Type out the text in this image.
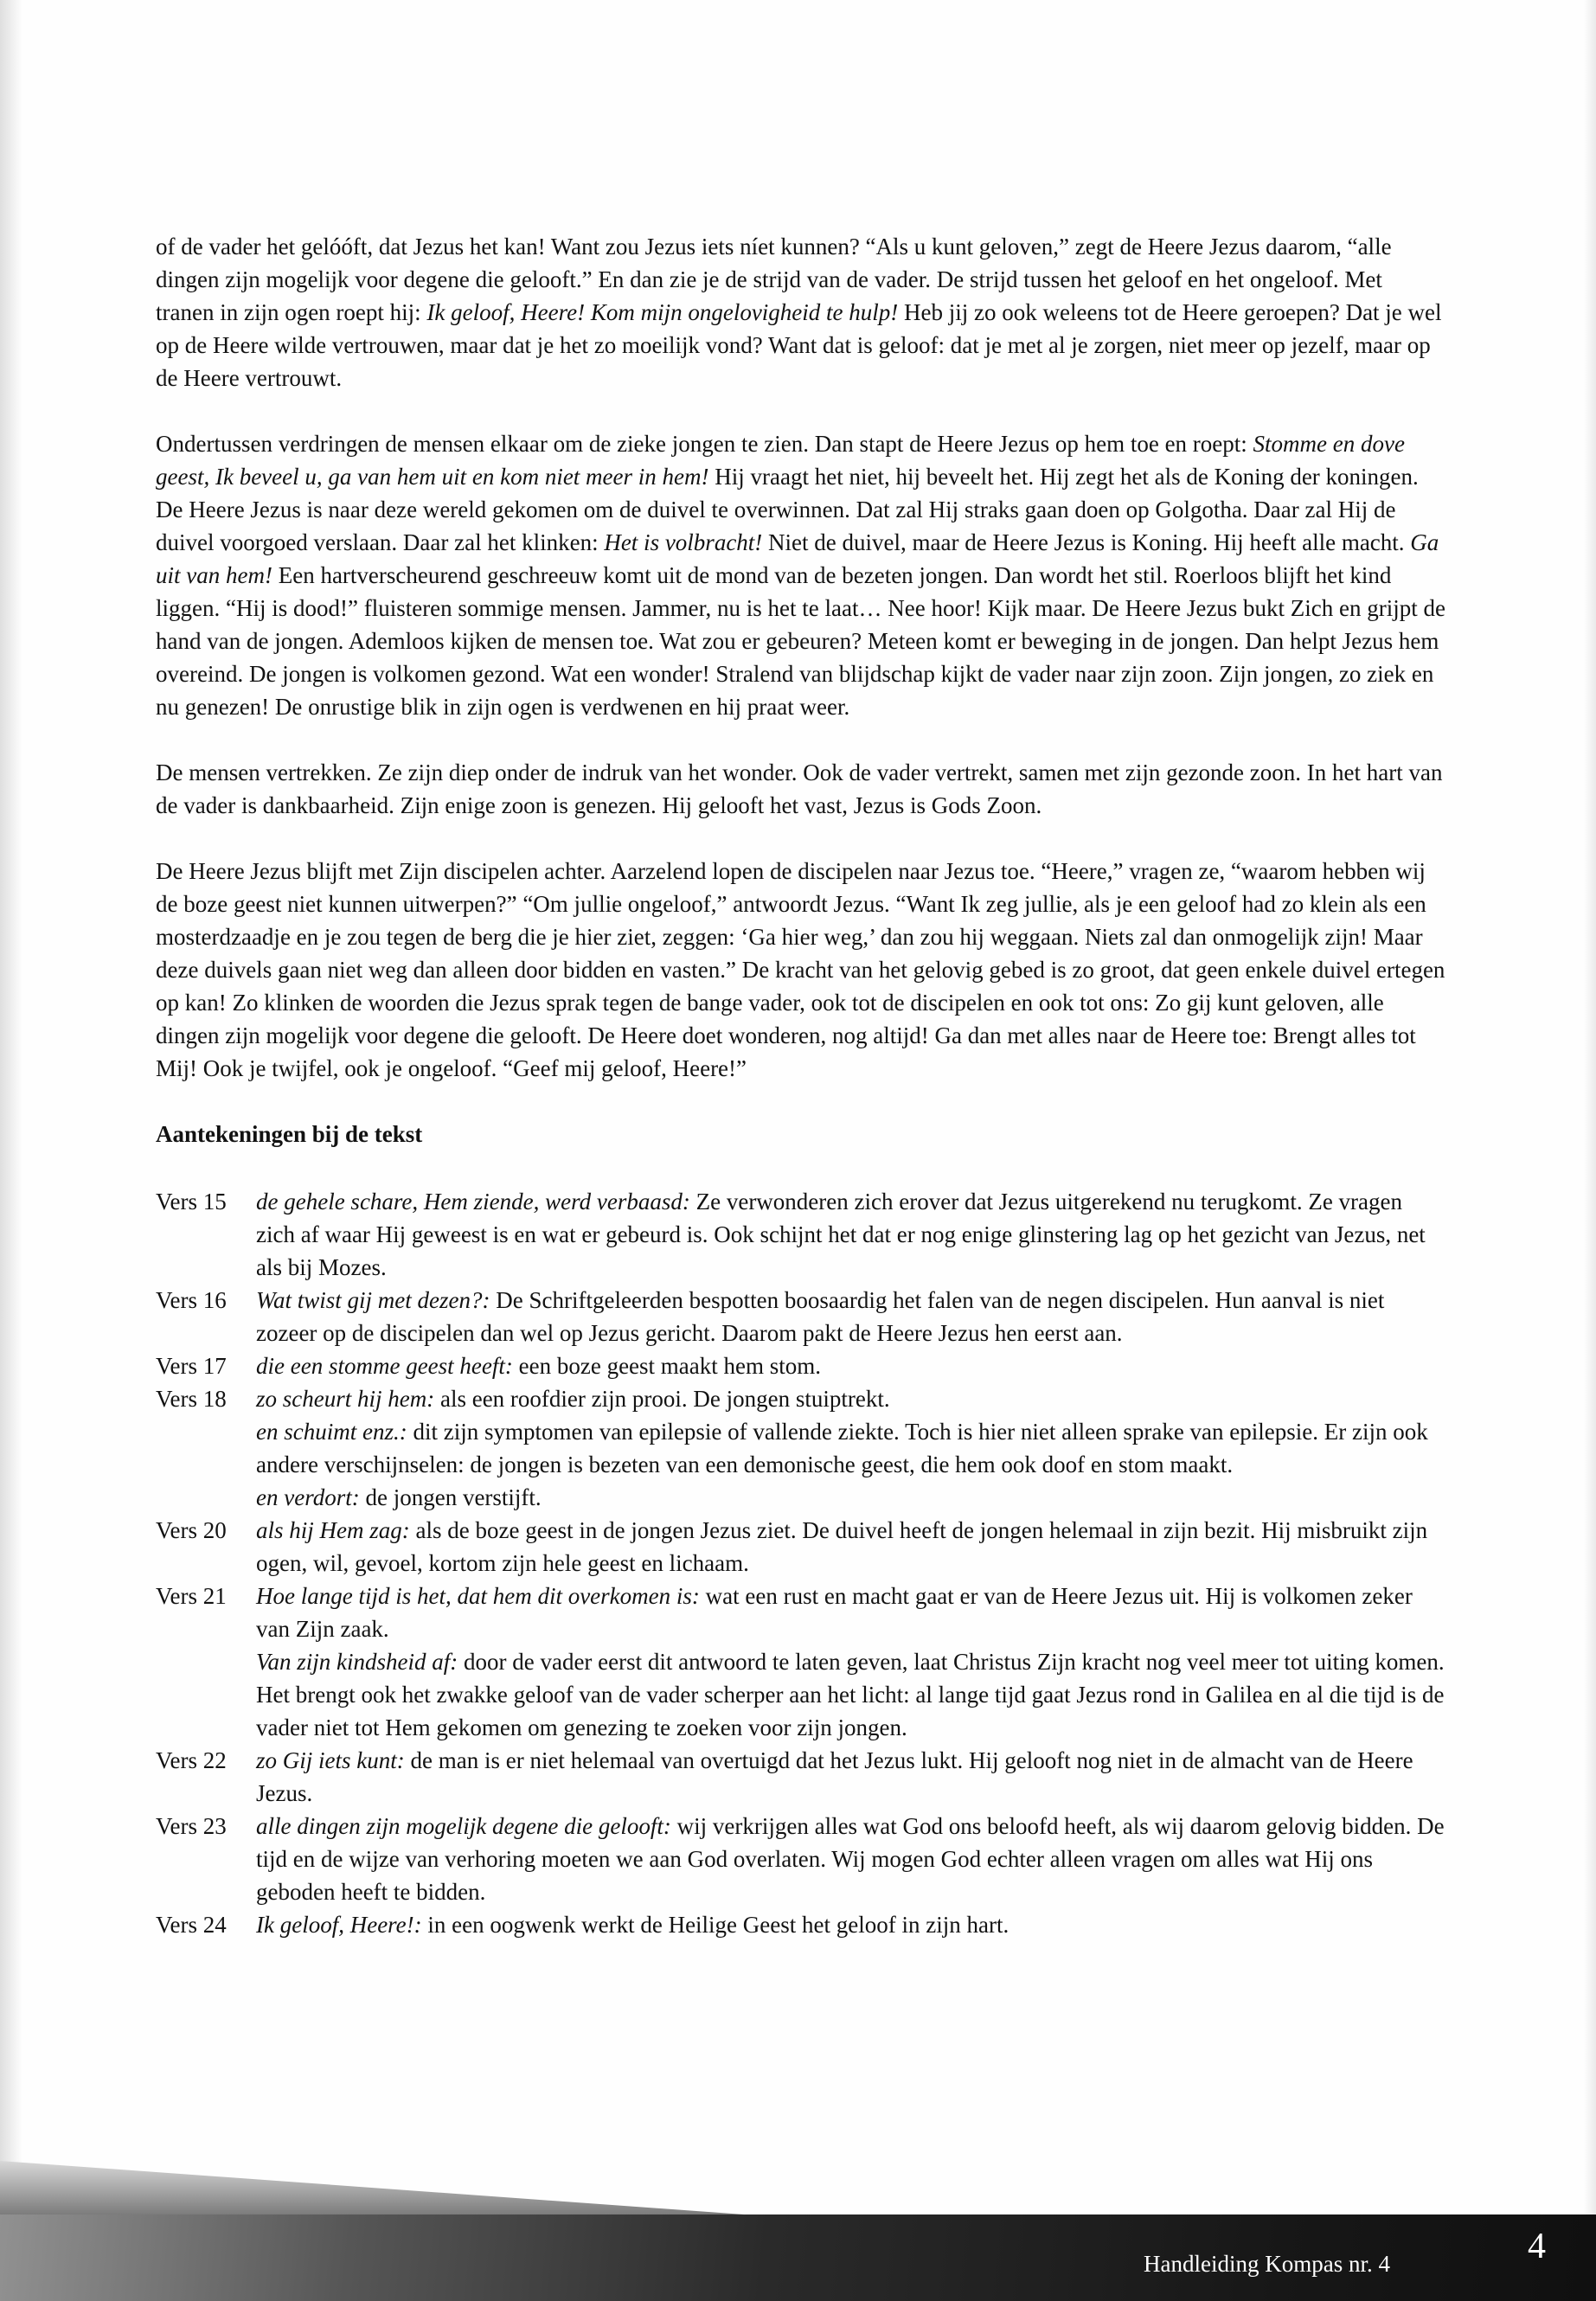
of de vader het gelóóft, dat Jezus het kan! Want zou Jezus iets níet kunnen? “Als u kunt geloven,” zegt de Heere Jezus daarom, “alle dingen zijn mogelijk voor degene die gelooft.” En dan zie je de strijd van de vader. De strijd tussen het geloof en het ongeloof. Met tranen in zijn ogen roept hij: Ik geloof, Heere! Kom mijn ongelovigheid te hulp! Heb jij zo ook weleens tot de Heere geroepen? Dat je wel op de Heere wilde vertrouwen, maar dat je het zo moeilijk vond? Want dat is geloof: dat je met al je zorgen, niet meer op jezelf, maar op de Heere vertrouwt.

Ondertussen verdringen de mensen elkaar om de zieke jongen te zien. Dan stapt de Heere Jezus op hem toe en roept: Stomme en dove geest, Ik beveel u, ga van hem uit en kom niet meer in hem! Hij vraagt het niet, hij beveelt het. Hij zegt het als de Koning der koningen. De Heere Jezus is naar deze wereld gekomen om de duivel te overwinnen. Dat zal Hij straks gaan doen op Golgotha. Daar zal Hij de duivel voorgoed verslaan. Daar zal het klinken: Het is volbracht! Niet de duivel, maar de Heere Jezus is Koning. Hij heeft alle macht. Ga uit van hem! Een hartverscheurend geschreeuw komt uit de mond van de bezeten jongen. Dan wordt het stil. Roerloos blijft het kind liggen. “Hij is dood!” fluisteren sommige mensen. Jammer, nu is het te laat… Nee hoor! Kijk maar. De Heere Jezus bukt Zich en grijpt de hand van de jongen. Ademloos kijken de mensen toe. Wat zou er gebeuren? Meteen komt er beweging in de jongen. Dan helpt Jezus hem overeind. De jongen is volkomen gezond. Wat een wonder! Stralend van blijdschap kijkt de vader naar zijn zoon. Zijn jongen, zo ziek en nu genezen! De onrustige blik in zijn ogen is verdwenen en hij praat weer.

De mensen vertrekken. Ze zijn diep onder de indruk van het wonder. Ook de vader vertrekt, samen met zijn gezonde zoon. In het hart van de vader is dankbaarheid. Zijn enige zoon is genezen. Hij gelooft het vast, Jezus is Gods Zoon.

De Heere Jezus blijft met Zijn discipelen achter. Aarzelend lopen de discipelen naar Jezus toe. “Heere,” vragen ze, “waarom hebben wij de boze geest niet kunnen uitwerpen?” “Om jullie ongeloof,” antwoordt Jezus. “Want Ik zeg jullie, als je een geloof had zo klein als een mosterdzaadje en je zou tegen de berg die je hier ziet, zeggen: ‘Ga hier weg,’ dan zou hij weggaan. Niets zal dan onmogelijk zijn! Maar deze duivels gaan niet weg dan alleen door bidden en vasten.” De kracht van het gelovig gebed is zo groot, dat geen enkele duivel ertegen op kan! Zo klinken de woorden die Jezus sprak tegen de bange vader, ook tot de discipelen en ook tot ons: Zo gij kunt geloven, alle dingen zijn mogelijk voor degene die gelooft. De Heere doet wonderen, nog altijd! Ga dan met alles naar de Heere toe: Brengt alles tot Mij! Ook je twijfel, ook je ongeloof. “Geef mij geloof, Heere!”

Aantekeningen bij de tekst
Vers 15	de gehele schare, Hem ziende, werd verbaasd: Ze verwonderen zich erover dat Jezus uitgerekend nu terugkomt. Ze vragen zich af waar Hij geweest is en wat er gebeurd is. Ook schijnt het dat er nog enige glinstering lag op het gezicht van Jezus, net als bij Mozes.
Vers 16	Wat twist gij met dezen?: De Schriftgeleerden bespotten boosaardig het falen van de negen discipelen. Hun aanval is niet zozeer op de discipelen dan wel op Jezus gericht. Daarom pakt de Heere Jezus hen eerst aan.
Vers 17	die een stomme geest heeft: een boze geest maakt hem stom.
Vers 18	zo scheurt hij hem: als een roofdier zijn prooi. De jongen stuiptrekt.
en schuimt enz.: dit zijn symptomen van epilepsie of vallende ziekte. Toch is hier niet alleen sprake van epilepsie. Er zijn ook andere verschijnselen: de jongen is bezeten van een demonische geest, die hem ook doof en stom maakt.
en verdort: de jongen verstijft.
Vers 20	als hij Hem zag: als de boze geest in de jongen Jezus ziet. De duivel heeft de jongen helemaal in zijn bezit. Hij misbruikt zijn ogen, wil, gevoel, kortom zijn hele geest en lichaam.
Vers 21	Hoe lange tijd is het, dat hem dit overkomen is: wat een rust en macht gaat er van de Heere Jezus uit. Hij is volkomen zeker van Zijn zaak.
Van zijn kindsheid af: door de vader eerst dit antwoord te laten geven, laat Christus Zijn kracht nog veel meer tot uiting komen. Het brengt ook het zwakke geloof van de vader scherper aan het licht: al lange tijd gaat Jezus rond in Galilea en al die tijd is de vader niet tot Hem gekomen om genezing te zoeken voor zijn jongen.
Vers 22	zo Gij iets kunt: de man is er niet helemaal van overtuigd dat het Jezus lukt. Hij gelooft nog niet in de almacht van de Heere Jezus.
Vers 23	alle dingen zijn mogelijk degene die gelooft: wij verkrijgen alles wat God ons beloofd heeft, als wij daarom gelovig bidden. De tijd en de wijze van verhoring moeten we aan God overlaten. Wij mogen God echter alleen vragen om alles wat Hij ons geboden heeft te bidden.
Vers 24	Ik geloof, Heere!: in een oogwenk werkt de Heilige Geest het geloof in zijn hart.
Handleiding Kompas nr. 4	4
